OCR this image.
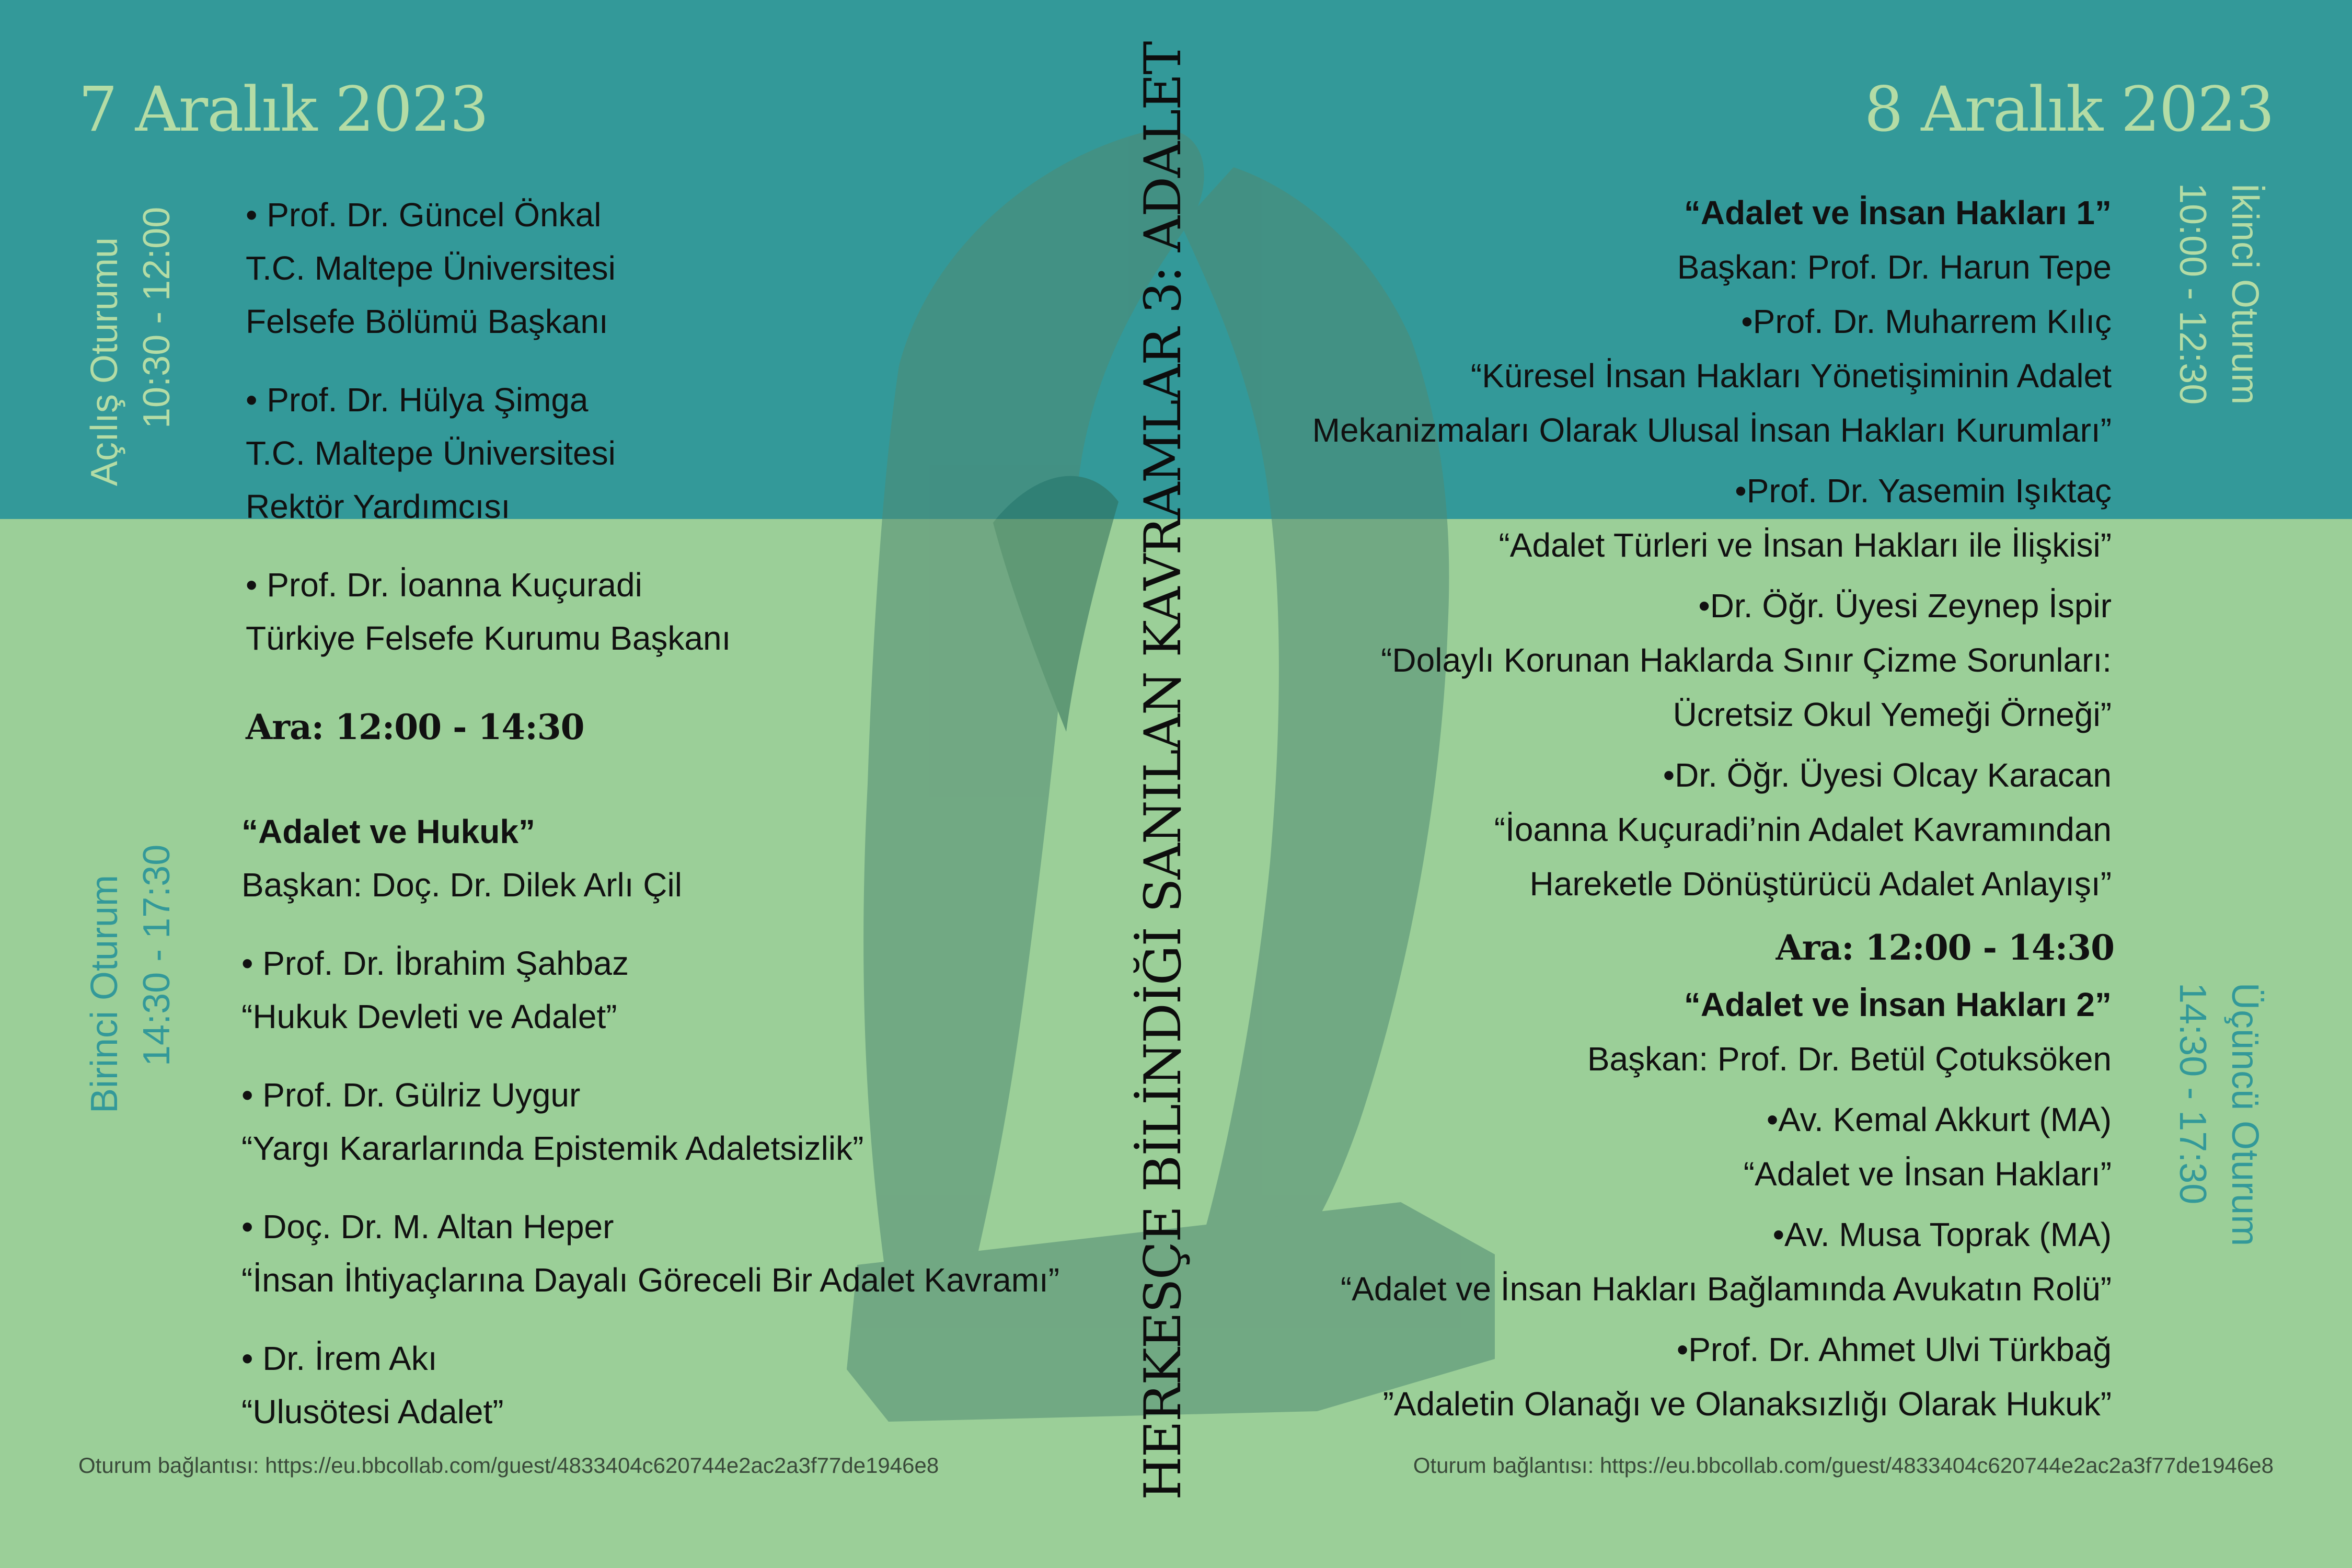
7 Aralık 2023	8 Aralık 2023
Açılış Oturumu 10:30 - 12:00
Birinci Oturum 14:30 - 17:30
İkinci Oturum
10:00 - 12:30
Üçüncü Oturum
14:30 - 17:30
• Prof. Dr. Güncel Önkal
T.C. Maltepe Üniversitesi
Felsefe Bölümü Başkanı
• Prof. Dr. Hülya Şimga
T.C. Maltepe Üniversitesi
Rektör Yardımcısı
• Prof. Dr. İoanna Kuçuradi
Türkiye Felsefe Kurumu Başkanı
Ara: 12:00 - 14:30
“Adalet ve Hukuk”
Başkan: Doç. Dr. Dilek Arlı Çil
• Prof. Dr. İbrahim Şahbaz
“Hukuk Devleti ve Adalet”
• Prof. Dr. Gülriz Uygur
“Yargı Kararlarında Epistemik Adaletsizlik”
• Doç. Dr. M. Altan Heper
“İnsan İhtiyaçlarına Dayalı Göreceli Bir Adalet Kavramı”
• Dr. İrem Akı
“Ulusötesi Adalet”
“Adalet ve İnsan Hakları 1”
Başkan: Prof. Dr. Harun Tepe
•Prof. Dr. Muharrem Kılıç
“Küresel İnsan Hakları Yönetişiminin Adalet
Mekanizmaları Olarak Ulusal İnsan Hakları Kurumları”
•Prof. Dr. Yasemin Işıktaç
“Adalet Türleri ve İnsan Hakları ile İlişkisi”
•Dr. Öğr. Üyesi Zeynep İspir
“Dolaylı Korunan Haklarda Sınır Çizme Sorunları:
Ücretsiz Okul Yemeği Örneği”
•Dr. Öğr. Üyesi Olcay Karacan
“İoanna Kuçuradi’nin Adalet Kavramından
Hareketle Dönüştürücü Adalet Anlayışı”
Ara: 12:00 - 14:30
“Adalet ve İnsan Hakları 2”
Başkan: Prof. Dr. Betül Çotuksöken
•Av. Kemal Akkurt (MA)
“Adalet ve İnsan Hakları”
•Av. Musa Toprak (MA)
“Adalet ve İnsan Hakları Bağlamında Avukatın Rolü”
•Prof. Dr. Ahmet Ulvi Türkbağ
”Adaletin Olanağı ve Olanaksızlığı Olarak Hukuk”
HERKESÇE BİLİNDİĞİ SANILAN KAVRAMLAR 3: ADALET
Oturum bağlantısı: https://eu.bbcollab.com/guest/4833404c620744e2ac2a3f77de1946e8	Oturum bağlantısı: https://eu.bbcollab.com/guest/4833404c620744e2ac2a3f77de1946e8
